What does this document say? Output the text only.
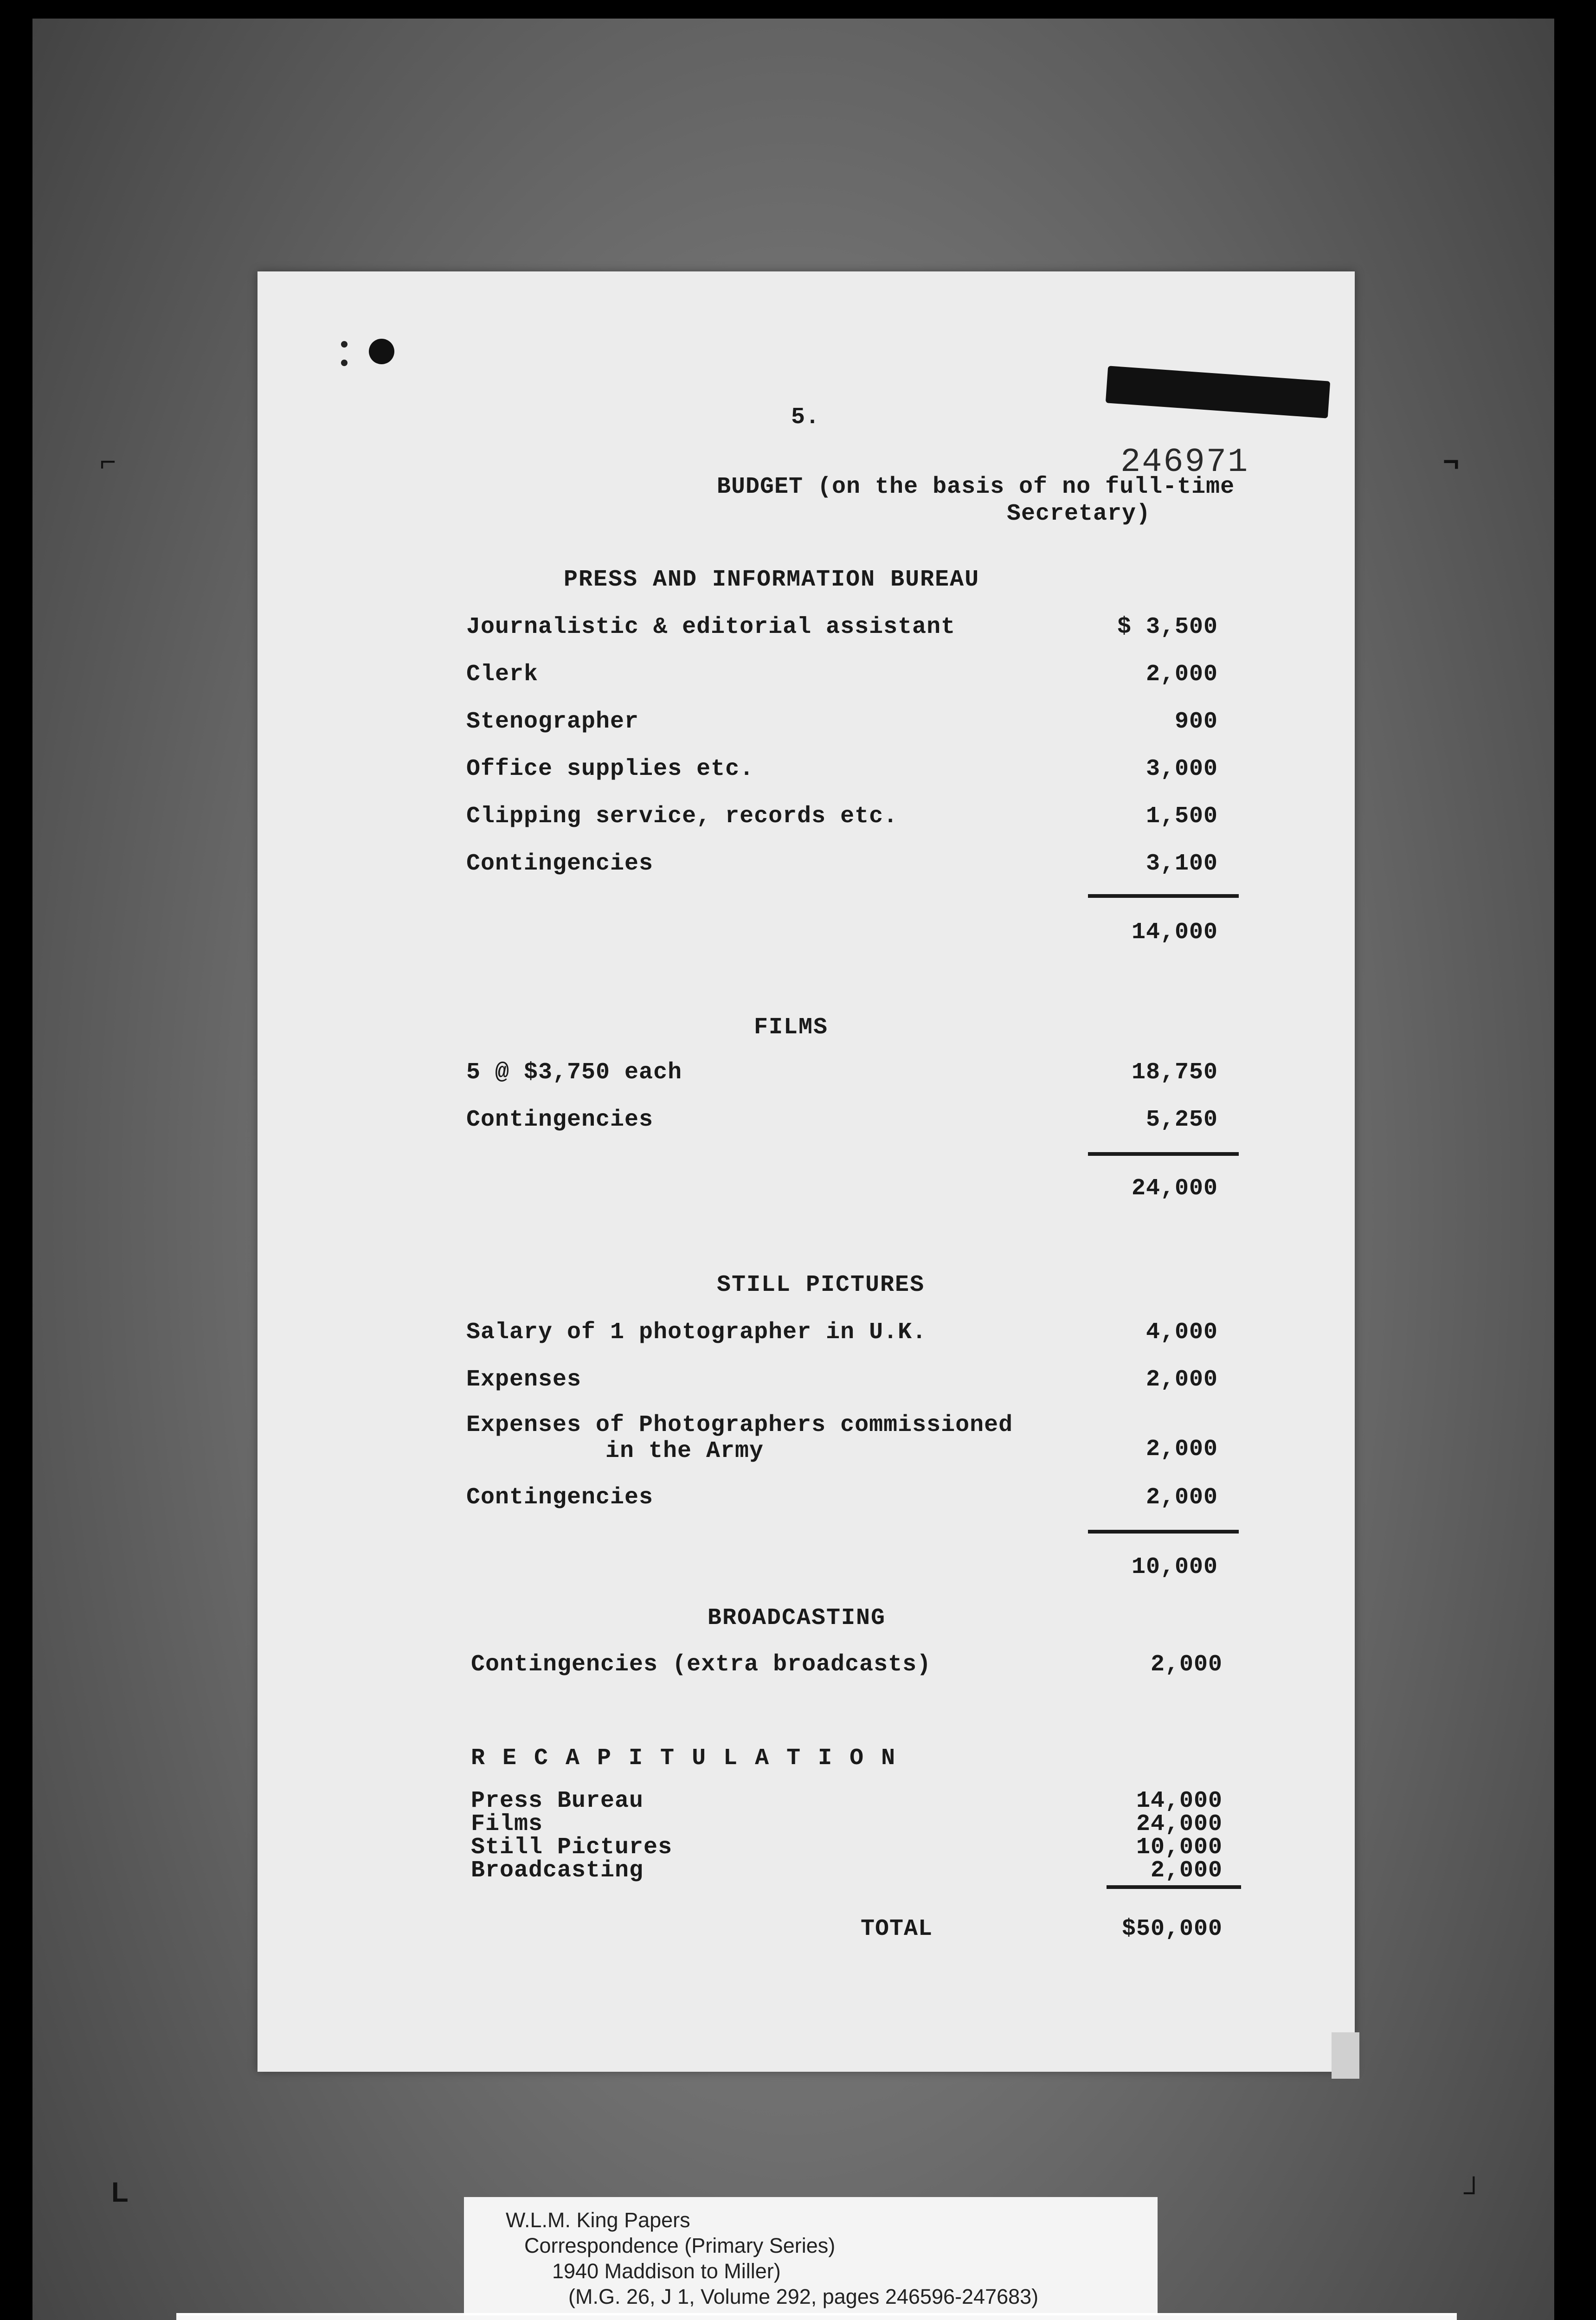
⌐	¬
246971
5.
BUDGET (on the basis of no full-time
Secretary)
PRESS AND INFORMATION BUREAU
Journalistic & editorial assistant	$ 3,500
Clerk	2,000
Stenographer	900
Office supplies etc.	3,000
Clipping service, records etc.	1,500
Contingencies	3,100
14,000
FILMS
5 @ $3,750 each	18,750
Contingencies	5,250
24,000
STILL PICTURES
Salary of 1 photographer in U.K.	4,000
Expenses	2,000
Expenses of Photographers commissioned
in the Army	2,000
Contingencies	2,000
10,000
BROADCASTING
Contingencies (extra broadcasts)	2,000
R E C A P I T U L A T I O N
Press Bureau	14,000
Films	24,000
Still Pictures	10,000
Broadcasting	2,000
TOTAL	$50,000
L	┘
W.L.M. King Papers
Correspondence (Primary Series)
1940 Maddison to Miller)
(M.G. 26, J 1, Volume 292, pages 246596-247683)
